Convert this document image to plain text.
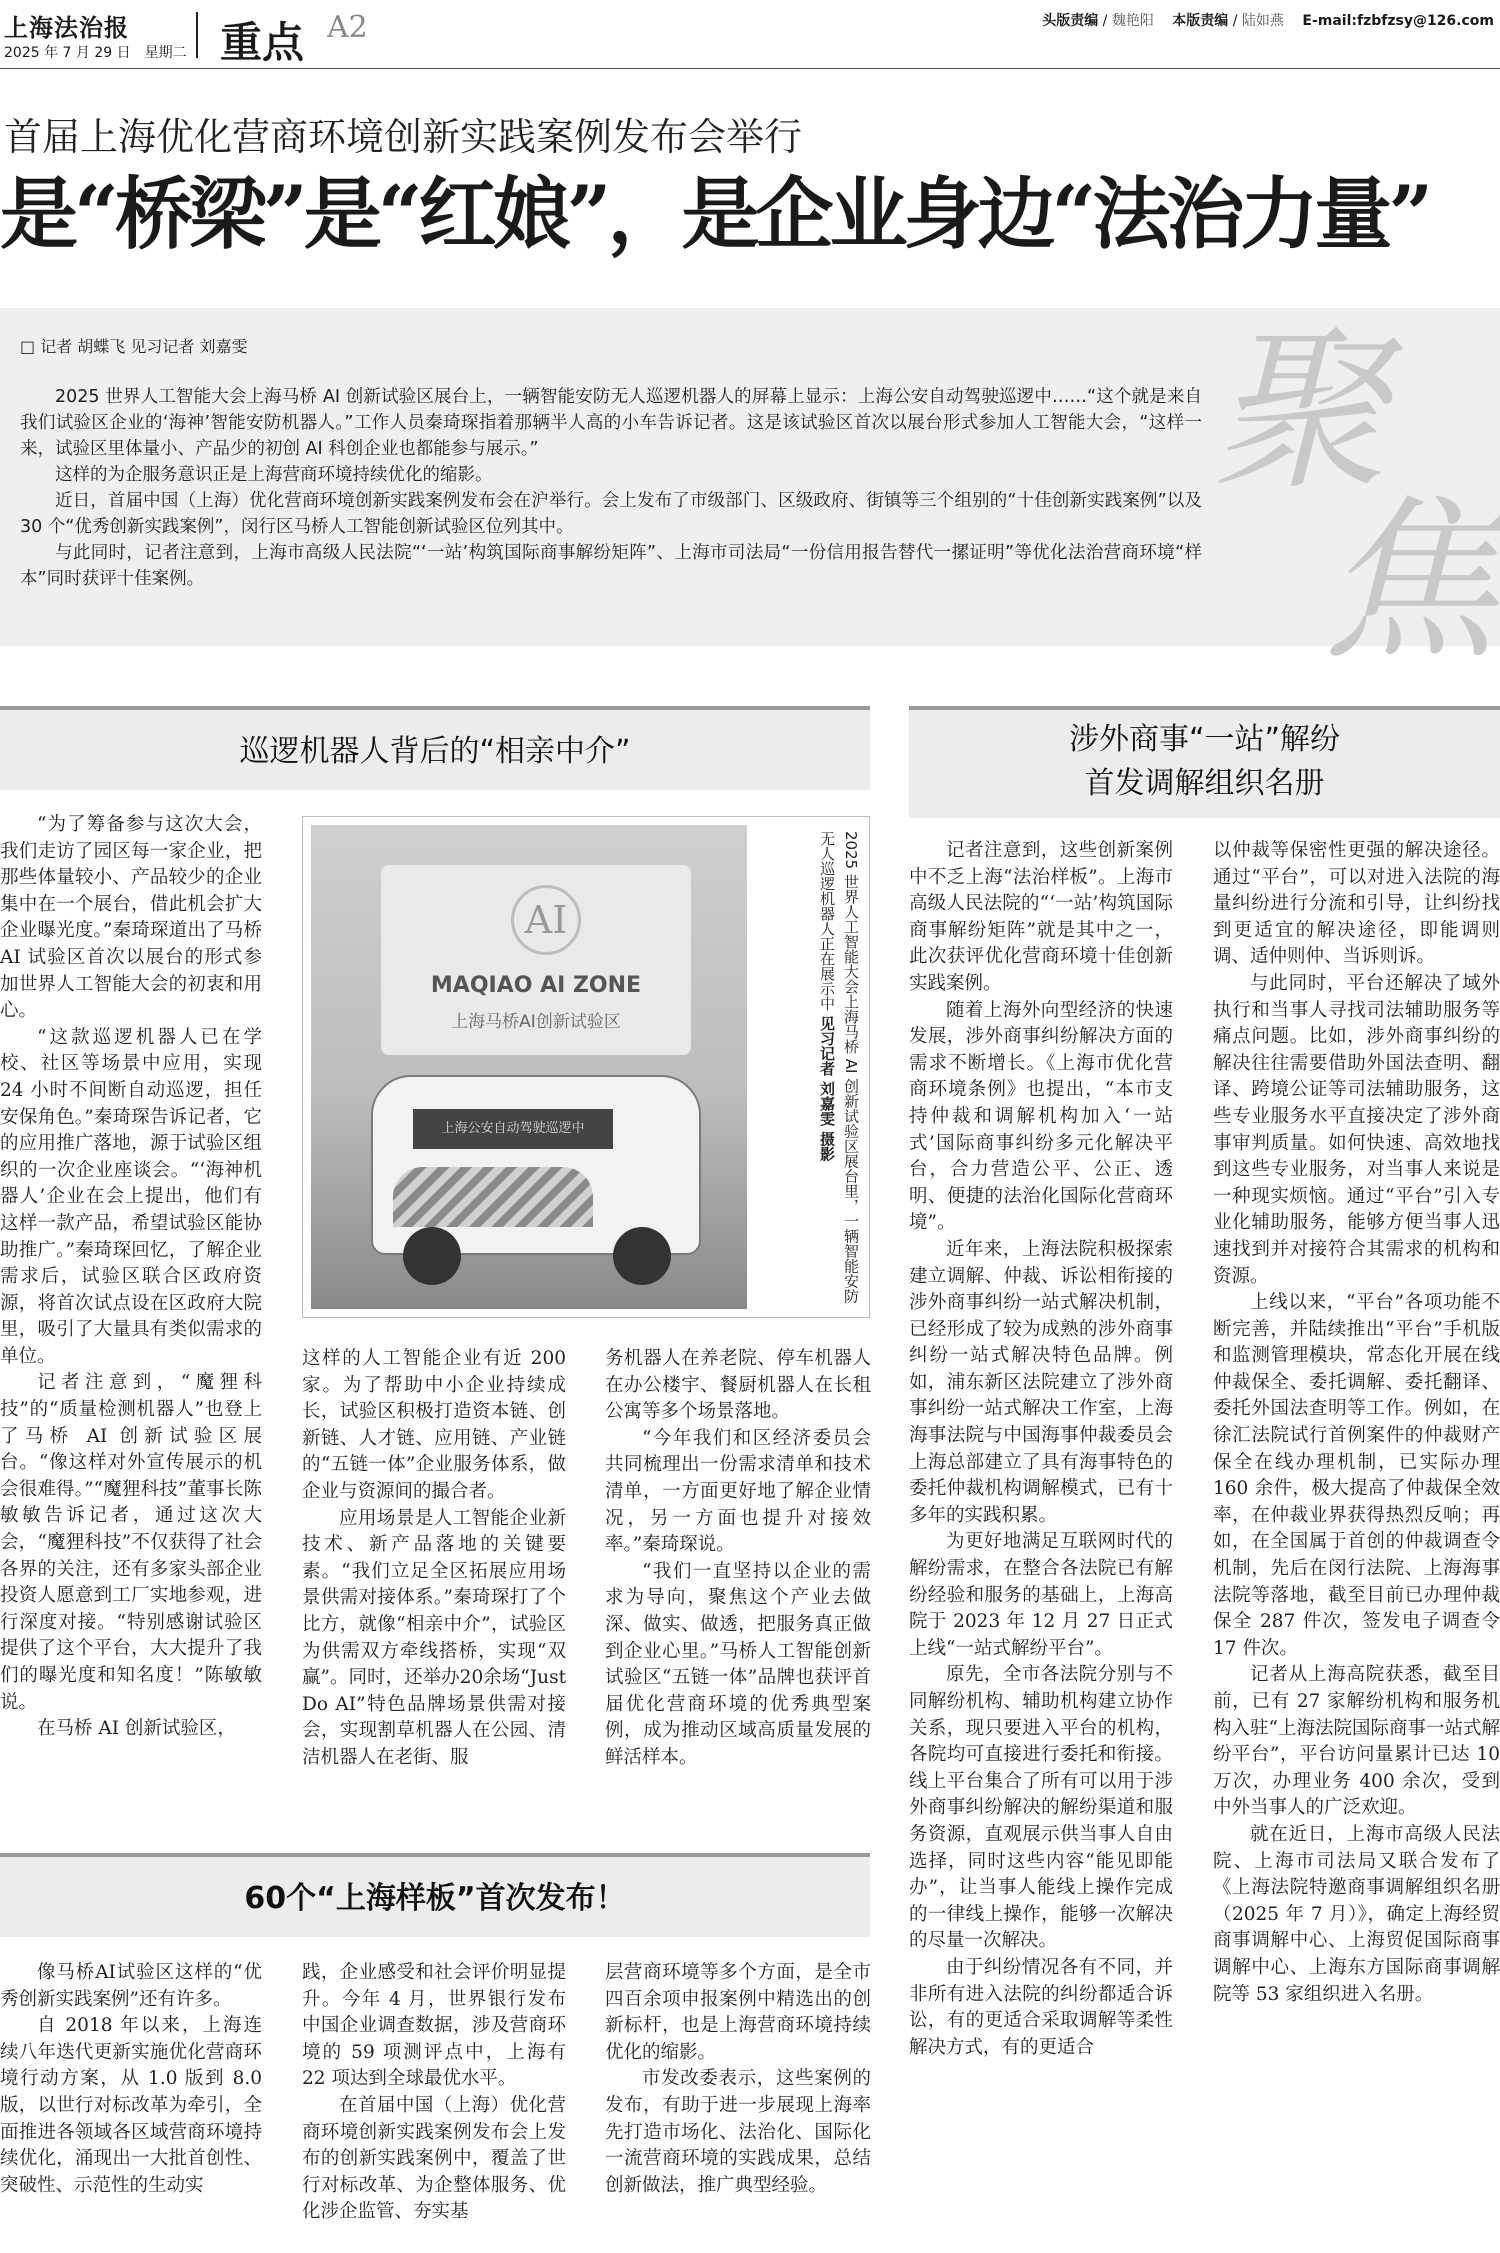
上海法治报
2025 年 7 月 29 日　星期二 重点 A2	头版责编 / 魏艳阳 　 本版责编 / 陆如燕 　 E-mail:fzbfzsy@126.com
首届上海优化营商环境创新实践案例发布会举行
是“桥梁”是“红娘”，是企业身边“法治力量”
□ 记者 胡蝶飞 见习记者 刘嘉雯

2025 世界人工智能大会上海马桥 AI 创新试验区展台上，一辆智能安防无人巡逻机器人的屏幕上显示：上海公安自动驾驶巡逻中……“这个就是来自我们试验区企业的‘海神’智能安防机器人。”工作人员秦琦琛指着那辆半人高的小车告诉记者。这是该试验区首次以展台形式参加人工智能大会，“这样一来，试验区里体量小、产品少的初创 AI 科创企业也都能参与展示。”

这样的为企服务意识正是上海营商环境持续优化的缩影。

近日，首届中国（上海）优化营商环境创新实践案例发布会在沪举行。会上发布了市级部门、区级政府、街镇等三个组别的“十佳创新实践案例”以及 30 个“优秀创新实践案例”，闵行区马桥人工智能创新试验区位列其中。

与此同时，记者注意到，上海市高级人民法院“‘一站’构筑国际商事解纷矩阵”、上海市司法局“一份信用报告替代一摞证明”等优化法治营商环境“样本”同时获评十佳案例。

聚
焦
巡逻机器人背后的“相亲中介”	涉外商事“一站”解纷
首发调解组织名册
60个“上海样板”首次发布！
AI
MAQIAO AI ZONE
上海马桥AI创新试验区
上海公安自动驾驶巡逻中	2025 世界人工智能大会上海马桥 AI 创新试验区展台里，一辆智能安防无人巡逻机器人正在展示中 见习记者 刘嘉雯 摄影

“为了筹备参与这次大会，我们走访了园区每一家企业，把那些体量较小、产品较少的企业集中在一个展台，借此机会扩大企业曝光度。”秦琦琛道出了马桥 AI 试验区首次以展台的形式参加世界人工智能大会的初衷和用心。

“这款巡逻机器人已在学校、社区等场景中应用，实现 24 小时不间断自动巡逻，担任安保角色。”秦琦琛告诉记者，它的应用推广落地，源于试验区组织的一次企业座谈会。“‘海神机器人’企业在会上提出，他们有这样一款产品，希望试验区能协助推广。”秦琦琛回忆，了解企业需求后，试验区联合区政府资源，将首次试点设在区政府大院里，吸引了大量具有类似需求的单位。

记者注意到，“魔狸科技”的“质量检测机器人”也登上了马桥 AI 创新试验区展台。“像这样对外宣传展示的机会很难得。”“魔狸科技”董事长陈敏敏告诉记者，通过这次大会，“魔狸科技”不仅获得了社会各界的关注，还有多家头部企业投资人愿意到工厂实地参观，进行深度对接。“特别感谢试验区提供了这个平台，大大提升了我们的曝光度和知名度！”陈敏敏说。

在马桥 AI 创新试验区，

这样的人工智能企业有近 200 家。为了帮助中小企业持续成长，试验区积极打造资本链、创新链、人才链、应用链、产业链的“五链一体”企业服务体系，做企业与资源间的撮合者。

应用场景是人工智能企业新技术、新产品落地的关键要素。“我们立足全区拓展应用场景供需对接体系。”秦琦琛打了个比方，就像“相亲中介”，试验区为供需双方牵线搭桥，实现“双赢”。同时，还举办20余场“Just Do AI”特色品牌场景供需对接会，实现割草机器人在公园、清洁机器人在老街、服

务机器人在养老院、停车机器人在办公楼宇、餐厨机器人在长租公寓等多个场景落地。

“今年我们和区经济委员会共同梳理出一份需求清单和技术清单，一方面更好地了解企业情况，另一方面也提升对接效率。”秦琦琛说。

“我们一直坚持以企业的需求为导向，聚焦这个产业去做深、做实、做透，把服务真正做到企业心里。”马桥人工智能创新试验区“五链一体”品牌也获评首届优化营商环境的优秀典型案例，成为推动区域高质量发展的鲜活样本。

记者注意到，这些创新案例中不乏上海“法治样板”。上海市高级人民法院的“‘一站’构筑国际商事解纷矩阵”就是其中之一，此次获评优化营商环境十佳创新实践案例。

随着上海外向型经济的快速发展，涉外商事纠纷解决方面的需求不断增长。《上海市优化营商环境条例》也提出，“本市支持仲裁和调解机构加入‘一站式’国际商事纠纷多元化解决平台，合力营造公平、公正、透明、便捷的法治化国际化营商环境”。

近年来，上海法院积极探索建立调解、仲裁、诉讼相衔接的涉外商事纠纷一站式解决机制，已经形成了较为成熟的涉外商事纠纷一站式解决特色品牌。例如，浦东新区法院建立了涉外商事纠纷一站式解决工作室，上海海事法院与中国海事仲裁委员会上海总部建立了具有海事特色的委托仲裁机构调解模式，已有十多年的实践积累。

为更好地满足互联网时代的解纷需求，在整合各法院已有解纷经验和服务的基础上，上海高院于 2023 年 12 月 27 日正式上线“一站式解纷平台”。

原先，全市各法院分别与不同解纷机构、辅助机构建立协作关系，现只要进入平台的机构，各院均可直接进行委托和衔接。线上平台集合了所有可以用于涉外商事纠纷解决的解纷渠道和服务资源，直观展示供当事人自由选择，同时这些内容“能见即能办”，让当事人能线上操作完成的一律线上操作，能够一次解决的尽量一次解决。

由于纠纷情况各有不同，并非所有进入法院的纠纷都适合诉讼，有的更适合采取调解等柔性解决方式，有的更适合

以仲裁等保密性更强的解决途径。通过“平台”，可以对进入法院的海量纠纷进行分流和引导，让纠纷找到更适宜的解决途径，即能调则调、适仲则仲、当诉则诉。

与此同时，平台还解决了域外执行和当事人寻找司法辅助服务等痛点问题。比如，涉外商事纠纷的解决往往需要借助外国法查明、翻译、跨境公证等司法辅助服务，这些专业服务水平直接决定了涉外商事审判质量。如何快速、高效地找到这些专业服务，对当事人来说是一种现实烦恼。通过“平台”引入专业化辅助服务，能够方便当事人迅速找到并对接符合其需求的机构和资源。

上线以来，“平台”各项功能不断完善，并陆续推出“平台”手机版和监测管理模块，常态化开展在线仲裁保全、委托调解、委托翻译、委托外国法查明等工作。例如，在徐汇法院试行首例案件的仲裁财产保全在线办理机制，已实际办理 160 余件，极大提高了仲裁保全效率，在仲裁业界获得热烈反响；再如，在全国属于首创的仲裁调查令机制，先后在闵行法院、上海海事法院等落地，截至目前已办理仲裁保全 287 件次，签发电子调查令 17 件次。

记者从上海高院获悉，截至目前，已有 27 家解纷机构和服务机构入驻“上海法院国际商事一站式解纷平台”，平台访问量累计已达 10 万次，办理业务 400 余次，受到中外当事人的广泛欢迎。

就在近日，上海市高级人民法院、上海市司法局又联合发布了《上海法院特邀商事调解组织名册（2025 年 7 月）》，确定上海经贸商事调解中心、上海贸促国际商事调解中心、上海东方国际商事调解院等 53 家组织进入名册。

像马桥AI试验区这样的“优秀创新实践案例”还有许多。

自 2018 年以来，上海连续八年迭代更新实施优化营商环境行动方案，从 1.0 版到 8.0 版，以世行对标改革为牵引，全面推进各领域各区域营商环境持续优化，涌现出一大批首创性、突破性、示范性的生动实

践，企业感受和社会评价明显提升。今年 4 月，世界银行发布中国企业调查数据，涉及营商环境的 59 项测评点中，上海有 22 项达到全球最优水平。

在首届中国（上海）优化营商环境创新实践案例发布会上发布的创新实践案例中，覆盖了世行对标改革、为企整体服务、优化涉企监管、夯实基

层营商环境等多个方面，是全市四百余项申报案例中精选出的创新标杆，也是上海营商环境持续优化的缩影。

市发改委表示，这些案例的发布，有助于进一步展现上海率先打造市场化、法治化、国际化一流营商环境的实践成果，总结创新做法，推广典型经验。
